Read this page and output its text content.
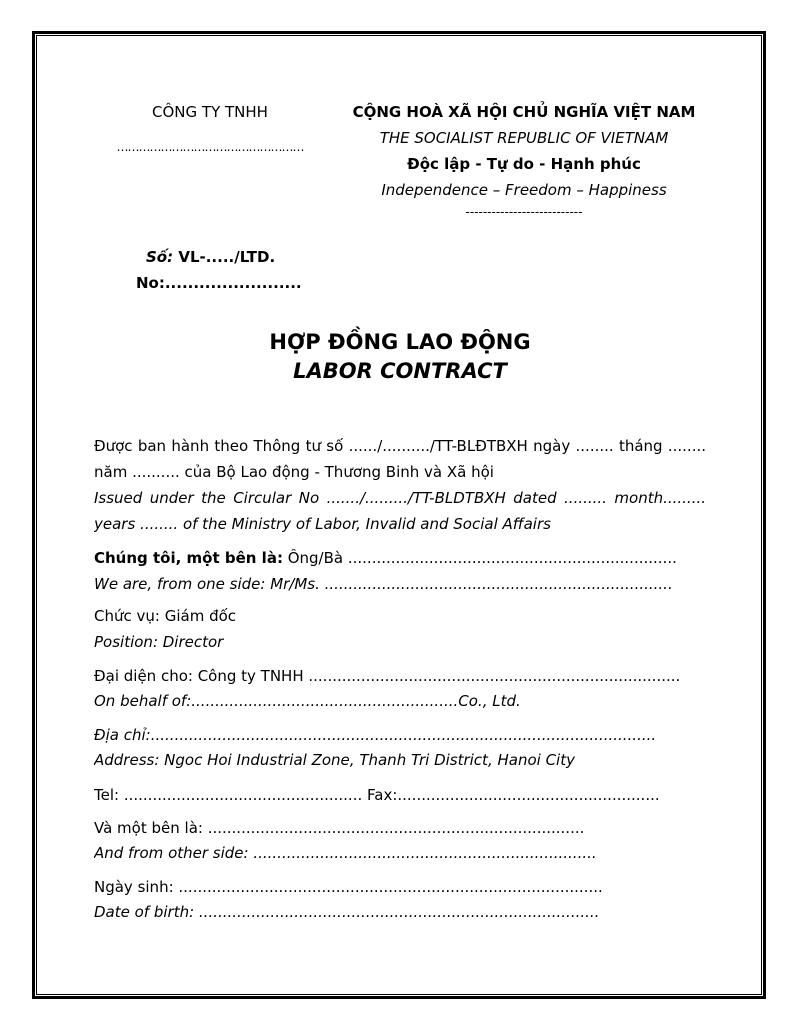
CÔNG TY TNHH
……………………………………………
CỘNG HOÀ XÃ HỘI CHỦ NGHĨA VIỆT NAM
THE SOCIALIST REPUBLIC OF VIETNAM
Độc lập - Tự do - Hạnh phúc
Independence – Freedom – Happiness
---------------------------
Số: VL-...../LTD.
No:........................
HỢP ĐỒNG LAO ĐỘNG
LABOR CONTRACT
Được ban hành theo Thông tư số ....../........../TT-BLĐTBXH ngày ........ tháng ........
năm .......... của Bộ Lao động - Thương Binh và Xã hội
Issued under the Circular No ......./........./TT-BLDTBXH dated ......... month.........
years ........ of the Ministry of Labor, Invalid and Social Affairs
Chúng tôi, một bên là: Ông/Bà .....................................................................
We are, from one side: Mr/Ms. .........................................................................
Chức vụ: Giám đốc
Position: Director
Đại diện cho: Công ty TNHH ..............................................................................
On behalf of:........................................................Co., Ltd.
Địa chỉ:..........................................................................................................
Address: Ngoc Hoi Industrial Zone, Thanh Tri District, Hanoi City
Tel: .................................................. Fax:.......................................................
Và một bên là: ...............................................................................
And from other side: ........................................................................
Ngày sinh: .........................................................................................
Date of birth: ....................................................................................
